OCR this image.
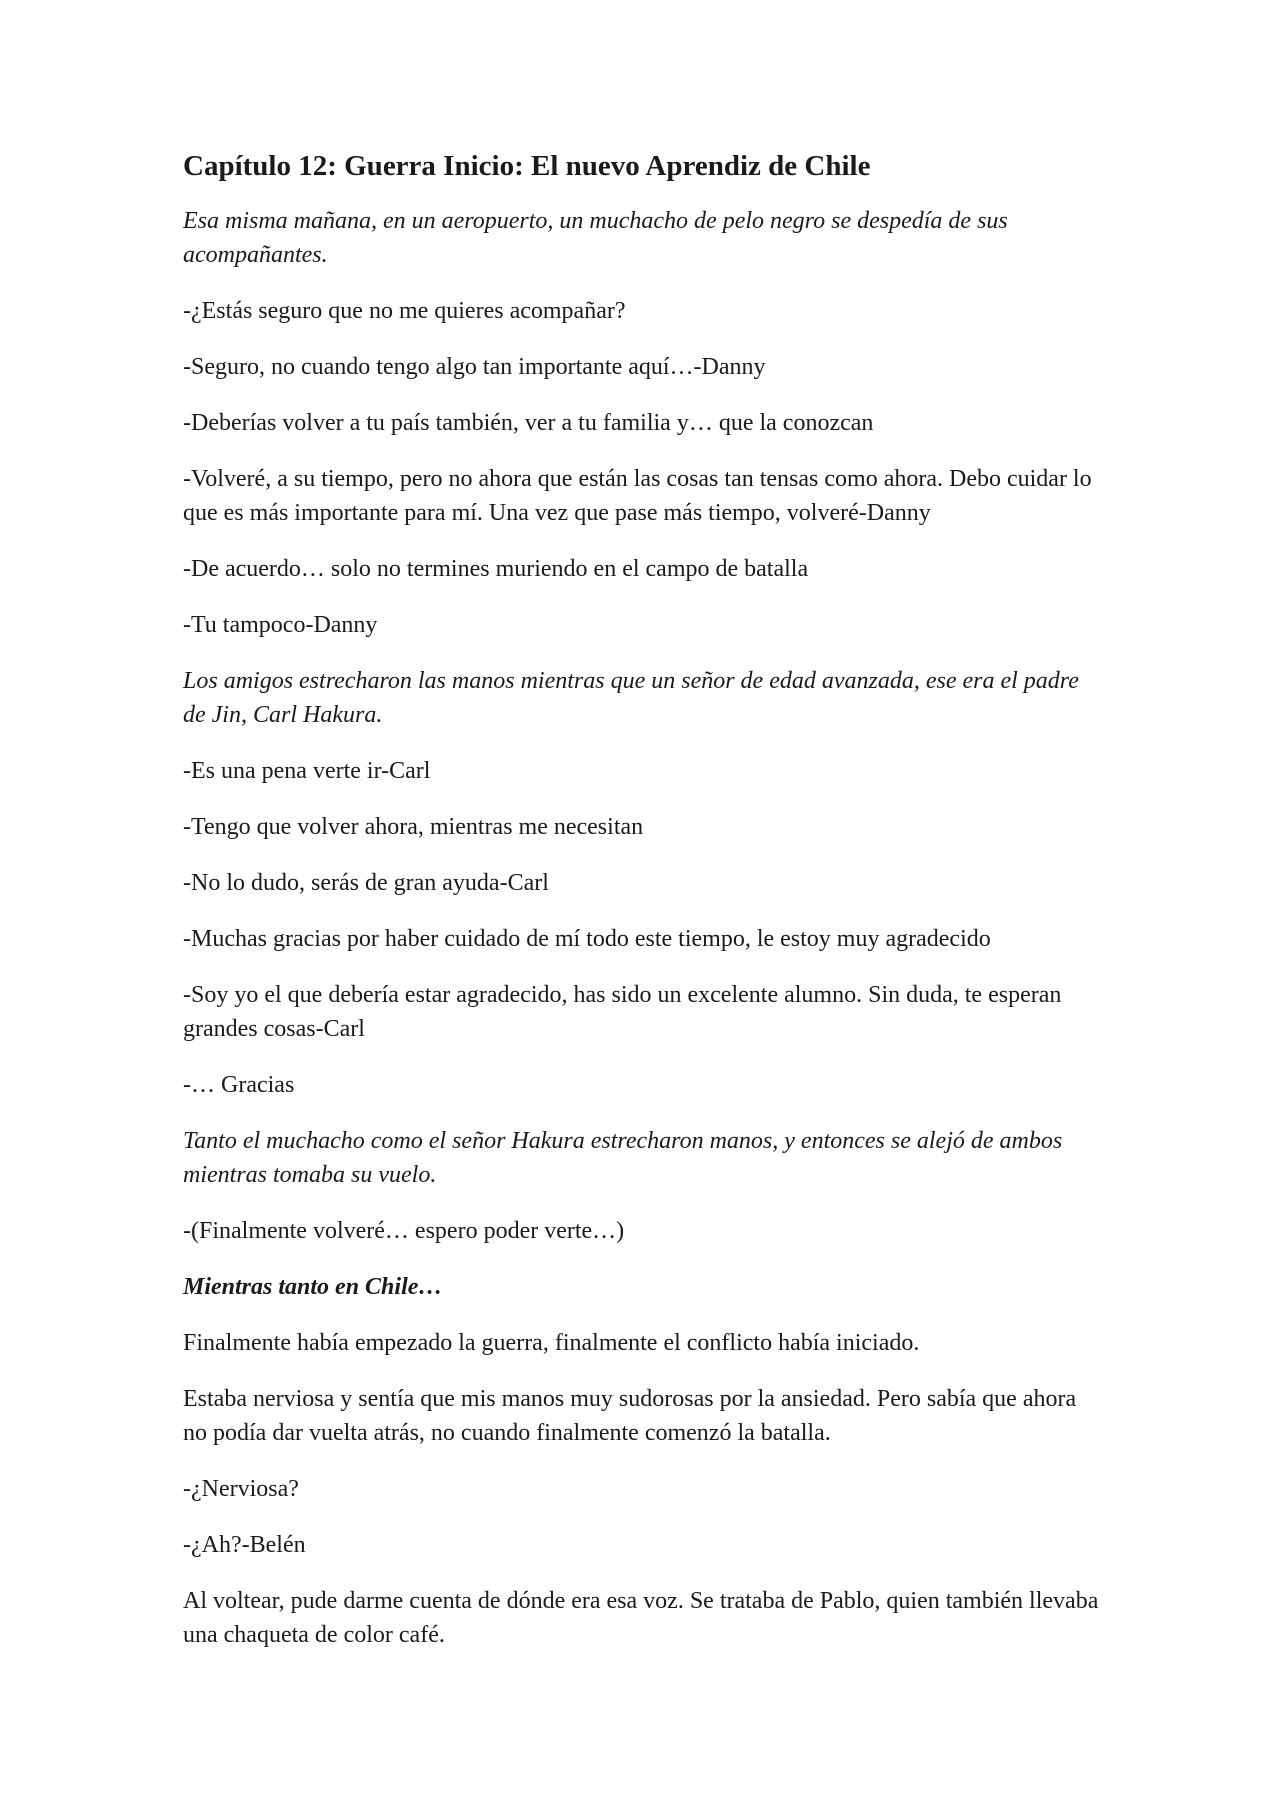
Capítulo 12: Guerra Inicio: El nuevo Aprendiz de Chile

Esa misma mañana, en un aeropuerto, un muchacho de pelo negro se despedía de sus acompañantes.

-¿Estás seguro que no me quieres acompañar?

-Seguro, no cuando tengo algo tan importante aquí…-Danny

-Deberías volver a tu país también, ver a tu familia y… que la conozcan

-Volveré, a su tiempo, pero no ahora que están las cosas tan tensas como ahora. Debo cuidar lo que es más importante para mí. Una vez que pase más tiempo, volveré-Danny

-De acuerdo… solo no termines muriendo en el campo de batalla

-Tu tampoco-Danny

Los amigos estrecharon las manos mientras que un señor de edad avanzada, ese era el padre de Jin, Carl Hakura.

-Es una pena verte ir-Carl

-Tengo que volver ahora, mientras me necesitan

-No lo dudo, serás de gran ayuda-Carl

-Muchas gracias por haber cuidado de mí todo este tiempo, le estoy muy agradecido

-Soy yo el que debería estar agradecido, has sido un excelente alumno. Sin duda, te esperan grandes cosas-Carl

-… Gracias

Tanto el muchacho como el señor Hakura estrecharon manos, y entonces se alejó de ambos mientras tomaba su vuelo.

-(Finalmente volveré… espero poder verte…)

Mientras tanto en Chile…

Finalmente había empezado la guerra, finalmente el conflicto había iniciado.

Estaba nerviosa y sentía que mis manos muy sudorosas por la ansiedad. Pero sabía que ahora no podía dar vuelta atrás, no cuando finalmente comenzó la batalla.

-¿Nerviosa?

-¿Ah?-Belén

Al voltear, pude darme cuenta de dónde era esa voz. Se trataba de Pablo, quien también llevaba una chaqueta de color café.
